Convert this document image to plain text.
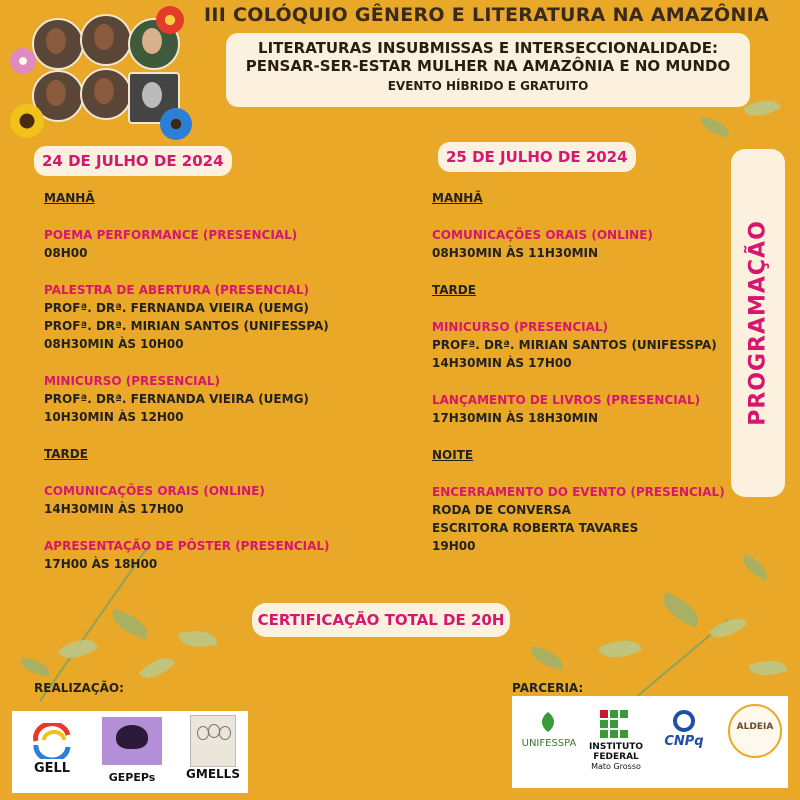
III COLÓQUIO GÊNERO E LITERATURA NA AMAZÔNIA
LITERATURAS INSUBMISSAS E INTERSECCIONALIDADE:
PENSAR-SER-ESTAR MULHER NA AMAZÔNIA E NO MUNDO
EVENTO HÍBRIDO E GRATUITO
24 DE JULHO DE 2024
MANHÃ
POEMA PERFORMANCE (PRESENCIAL)
08H00
PALESTRA DE ABERTURA (PRESENCIAL)
PROFª. DRª. FERNANDA VIEIRA (UEMG)
PROFª. DRª. MIRIAN SANTOS (UNIFESSPA)
08H30MIN ÀS 10H00
MINICURSO (PRESENCIAL)
PROFª. DRª. FERNANDA VIEIRA (UEMG)
10H30MIN ÀS 12H00
TARDE
COMUNICAÇÕES ORAIS (ONLINE)
14H30MIN ÀS 17H00
APRESENTAÇÃO DE PÔSTER (PRESENCIAL)
17H00 ÀS 18H00
25 DE JULHO DE 2024
MANHÃ
COMUNICAÇÕES ORAIS (ONLINE)
08H30MIN ÀS 11H30MIN
TARDE
MINICURSO (PRESENCIAL)
PROFª. DRª. MIRIAN SANTOS (UNIFESSPA)
14H30MIN ÀS 17H00
LANÇAMENTO DE LIVROS (PRESENCIAL)
17H30MIN ÀS 18H30MIN
NOITE
ENCERRAMENTO DO EVENTO (PRESENCIAL)
RODA DE CONVERSA
ESCRITORA ROBERTA TAVARES
19H00
PROGRAMAÇÃO
CERTIFICAÇÃO TOTAL DE 20H
REALIZAÇÃO:
GELL
GEPEPs	GMELLS
PARCERIA:
UNIFESSPA	INSTITUTO
FEDERAL
Mato Grosso
CNPq
ALDEIA
